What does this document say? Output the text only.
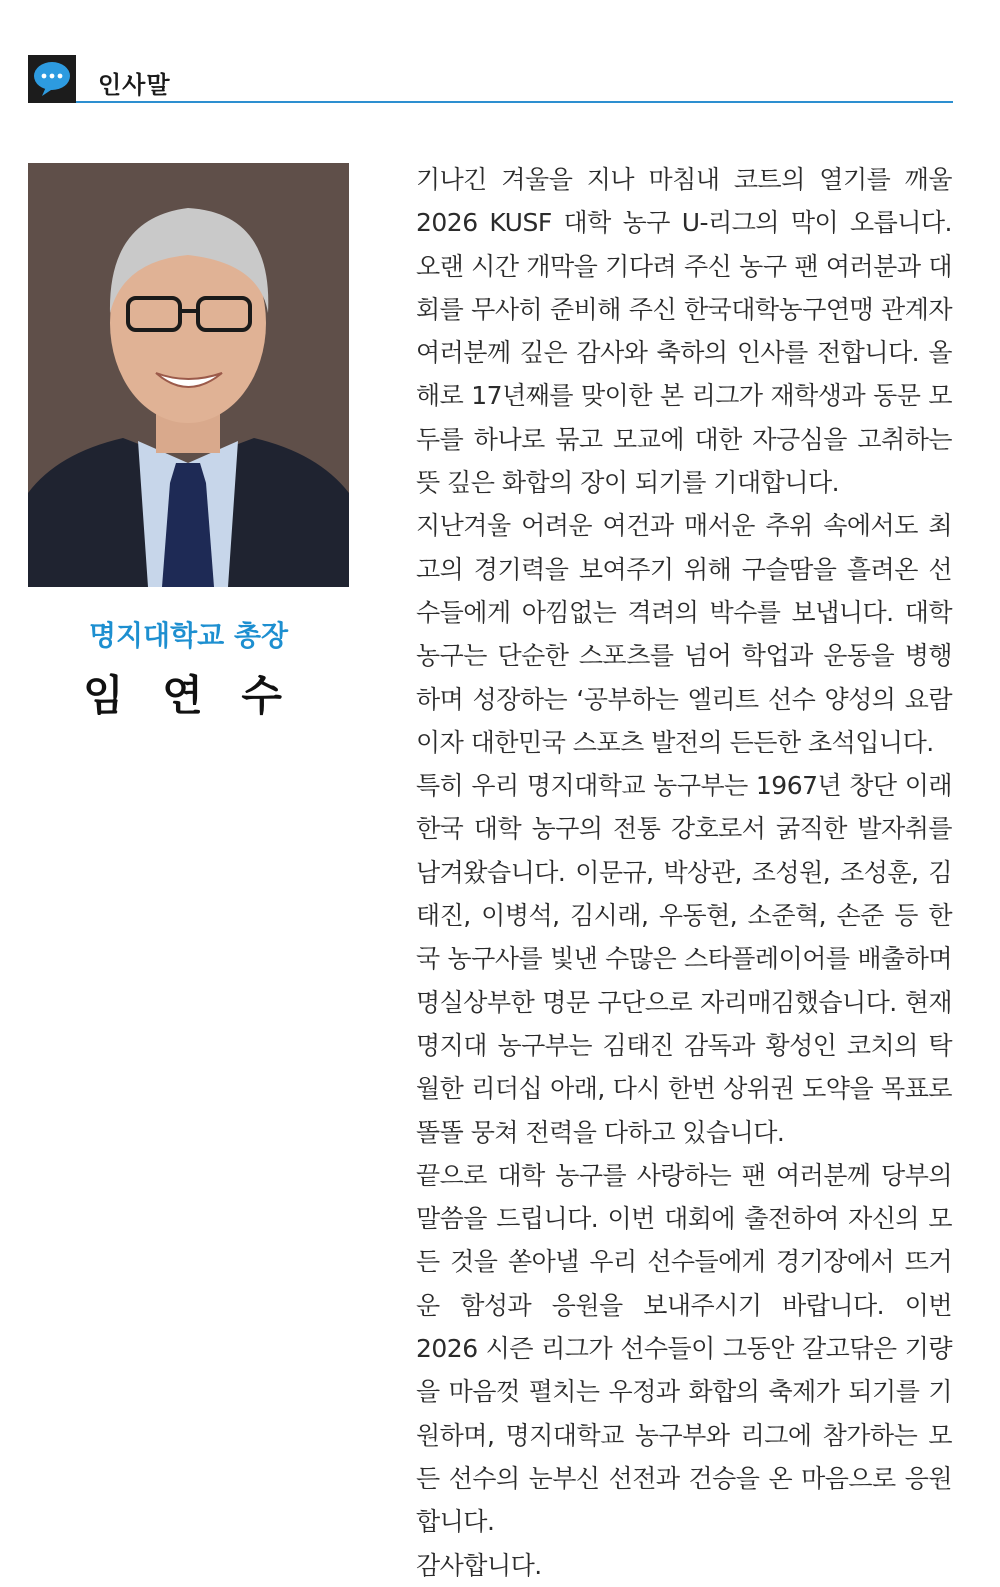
인사말
명지대학교 총장
임 연 수

기나긴 겨울을 지나 마침내 코트의 열기를 깨울 2026 KUSF 대학 농구 U-리그의 막이 오릅니다. 오랜 시간 개막을 기다려 주신 농구 팬 여러분과 대회를 무사히 준비해 주신 한국대학농구연맹 관계자 여러분께 깊은 감사와 축하의 인사를 전합니다. 올해로 17년째를 맞이한 본 리그가 재학생과 동문 모두를 하나로 묶고 모교에 대한 자긍심을 고취하는 뜻 깊은 화합의 장이 되기를 기대합니다.

지난겨울 어려운 여건과 매서운 추위 속에서도 최고의 경기력을 보여주기 위해 구슬땀을 흘려온 선수들에게 아낌없는 격려의 박수를 보냅니다. 대학 농구는 단순한 스포츠를 넘어 학업과 운동을 병행하며 성장하는 ‘공부하는 엘리트 선수 양성의 요람이자 대한민국 스포츠 발전의 든든한 초석입니다.

특히 우리 명지대학교 농구부는 1967년 창단 이래 한국 대학 농구의 전통 강호로서 굵직한 발자취를 남겨왔습니다. 이문규, 박상관, 조성원, 조성훈, 김태진, 이병석, 김시래, 우동현, 소준혁, 손준 등 한국 농구사를 빛낸 수많은 스타플레이어를 배출하며 명실상부한 명문 구단으로 자리매김했습니다. 현재 명지대 농구부는 김태진 감독과 황성인 코치의 탁월한 리더십 아래, 다시 한번 상위권 도약을 목표로 똘똘 뭉쳐 전력을 다하고 있습니다.

끝으로 대학 농구를 사랑하는 팬 여러분께 당부의 말씀을 드립니다. 이번 대회에 출전하여 자신의 모든 것을 쏟아낼 우리 선수들에게 경기장에서 뜨거운 함성과 응원을 보내주시기 바랍니다. 이번 2026 시즌 리그가 선수들이 그동안 갈고닦은 기량을 마음껏 펼치는 우정과 화합의 축제가 되기를 기원하며, 명지대학교 농구부와 리그에 참가하는 모든 선수의 눈부신 선전과 건승을 온 마음으로 응원합니다.

감사합니다.
